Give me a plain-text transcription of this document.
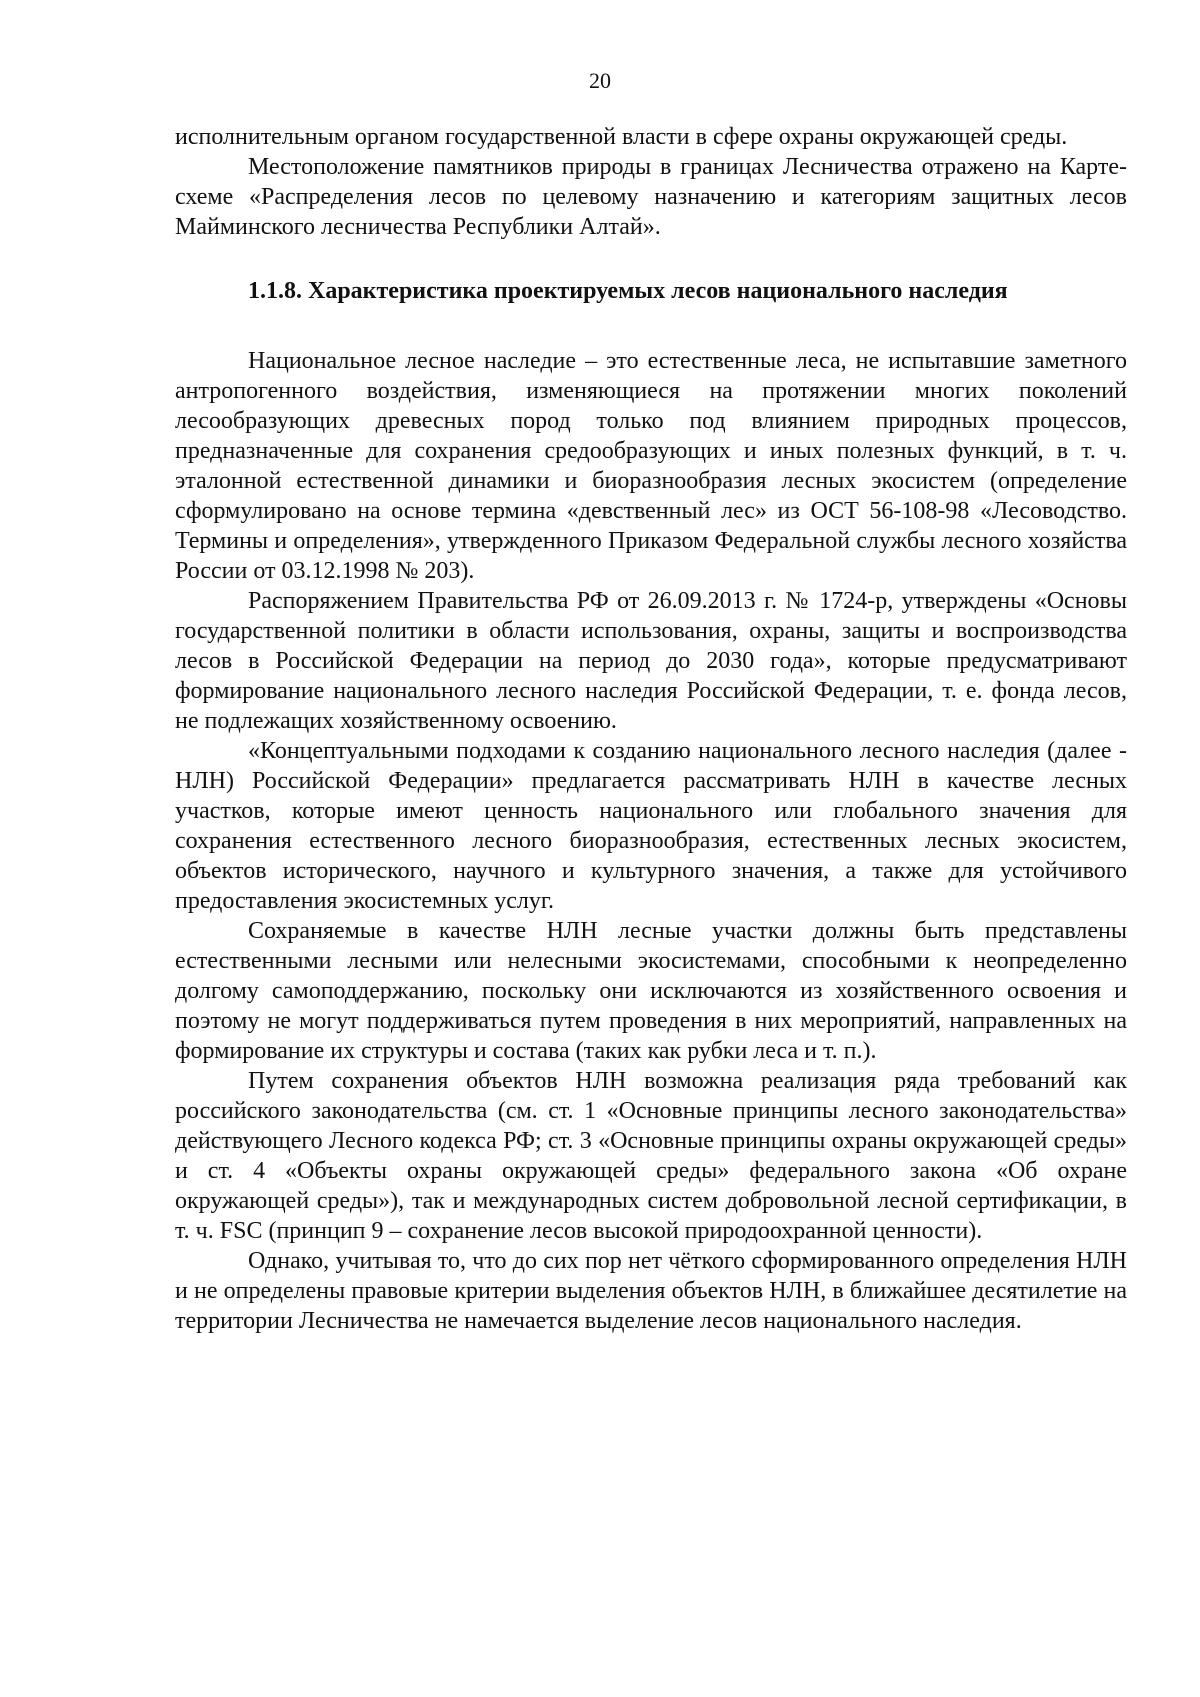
20

исполнительным органом государственной власти в сфере охраны окружающей среды.

Местоположение памятников природы в границах Лесничества отражено на Карте-схеме «Распределения лесов по целевому назначению и категориям защитных лесов Майминского лесничества Республики Алтай».

1.1.8. Характеристика проектируемых лесов национального наследия

Национальное лесное наследие – это естественные леса, не испытавшие заметного антропогенного воздействия, изменяющиеся на протяжении многих поколений лесообразующих древесных пород только под влиянием природных процессов, предназначенные для сохранения средообразующих и иных полезных функций, в т. ч. эталонной естественной динамики и биоразнообразия лесных экосистем (определение сформулировано на основе термина «девственный лес» из ОСТ 56-108-98 «Лесоводство. Термины и определения», утвержденного Приказом Федеральной службы лесного хозяйства России от 03.12.1998 № 203).

Распоряжением Правительства РФ от 26.09.2013 г. № 1724-р, утверждены «Основы государственной политики в области использования, охраны, защиты и воспроизводства лесов в Российской Федерации на период до 2030 года», которые предусматривают формирование национального лесного наследия Российской Федерации, т. е. фонда лесов, не подлежащих хозяйственному освоению.

«Концептуальными подходами к созданию национального лесного наследия (далее - НЛН) Российской Федерации» предлагается рассматривать НЛН в качестве лесных участков, которые имеют ценность национального или глобального значения для сохранения естественного лесного биоразнообразия, естественных лесных экосистем, объектов исторического, научного и культурного значения, а также для устойчивого предоставления экосистемных услуг.

Сохраняемые в качестве НЛН лесные участки должны быть представлены естественными лесными или нелесными экосистемами, способными к неопределенно долгому самоподдержанию, поскольку они исключаются из хозяйственного освоения и поэтому не могут поддерживаться путем проведения в них мероприятий, направленных на формирование их структуры и состава (таких как рубки леса и т. п.).

Путем сохранения объектов НЛН возможна реализация ряда требований как российского законодательства (см. ст. 1 «Основные принципы лесного законодательства» действующего Лесного кодекса РФ; ст. 3 «Основные принципы охраны окружающей среды» и ст. 4 «Объекты охраны окружающей среды» федерального закона «Об охране окружающей среды»), так и международных систем добровольной лесной сертификации, в т. ч. FSC (принцип 9 – сохранение лесов высокой природоохранной ценности).

Однако, учитывая то, что до сих пор нет чёткого сформированного определения НЛН и не определены правовые критерии выделения объектов НЛН, в ближайшее десятилетие на территории Лесничества не намечается выделение лесов национального наследия.
